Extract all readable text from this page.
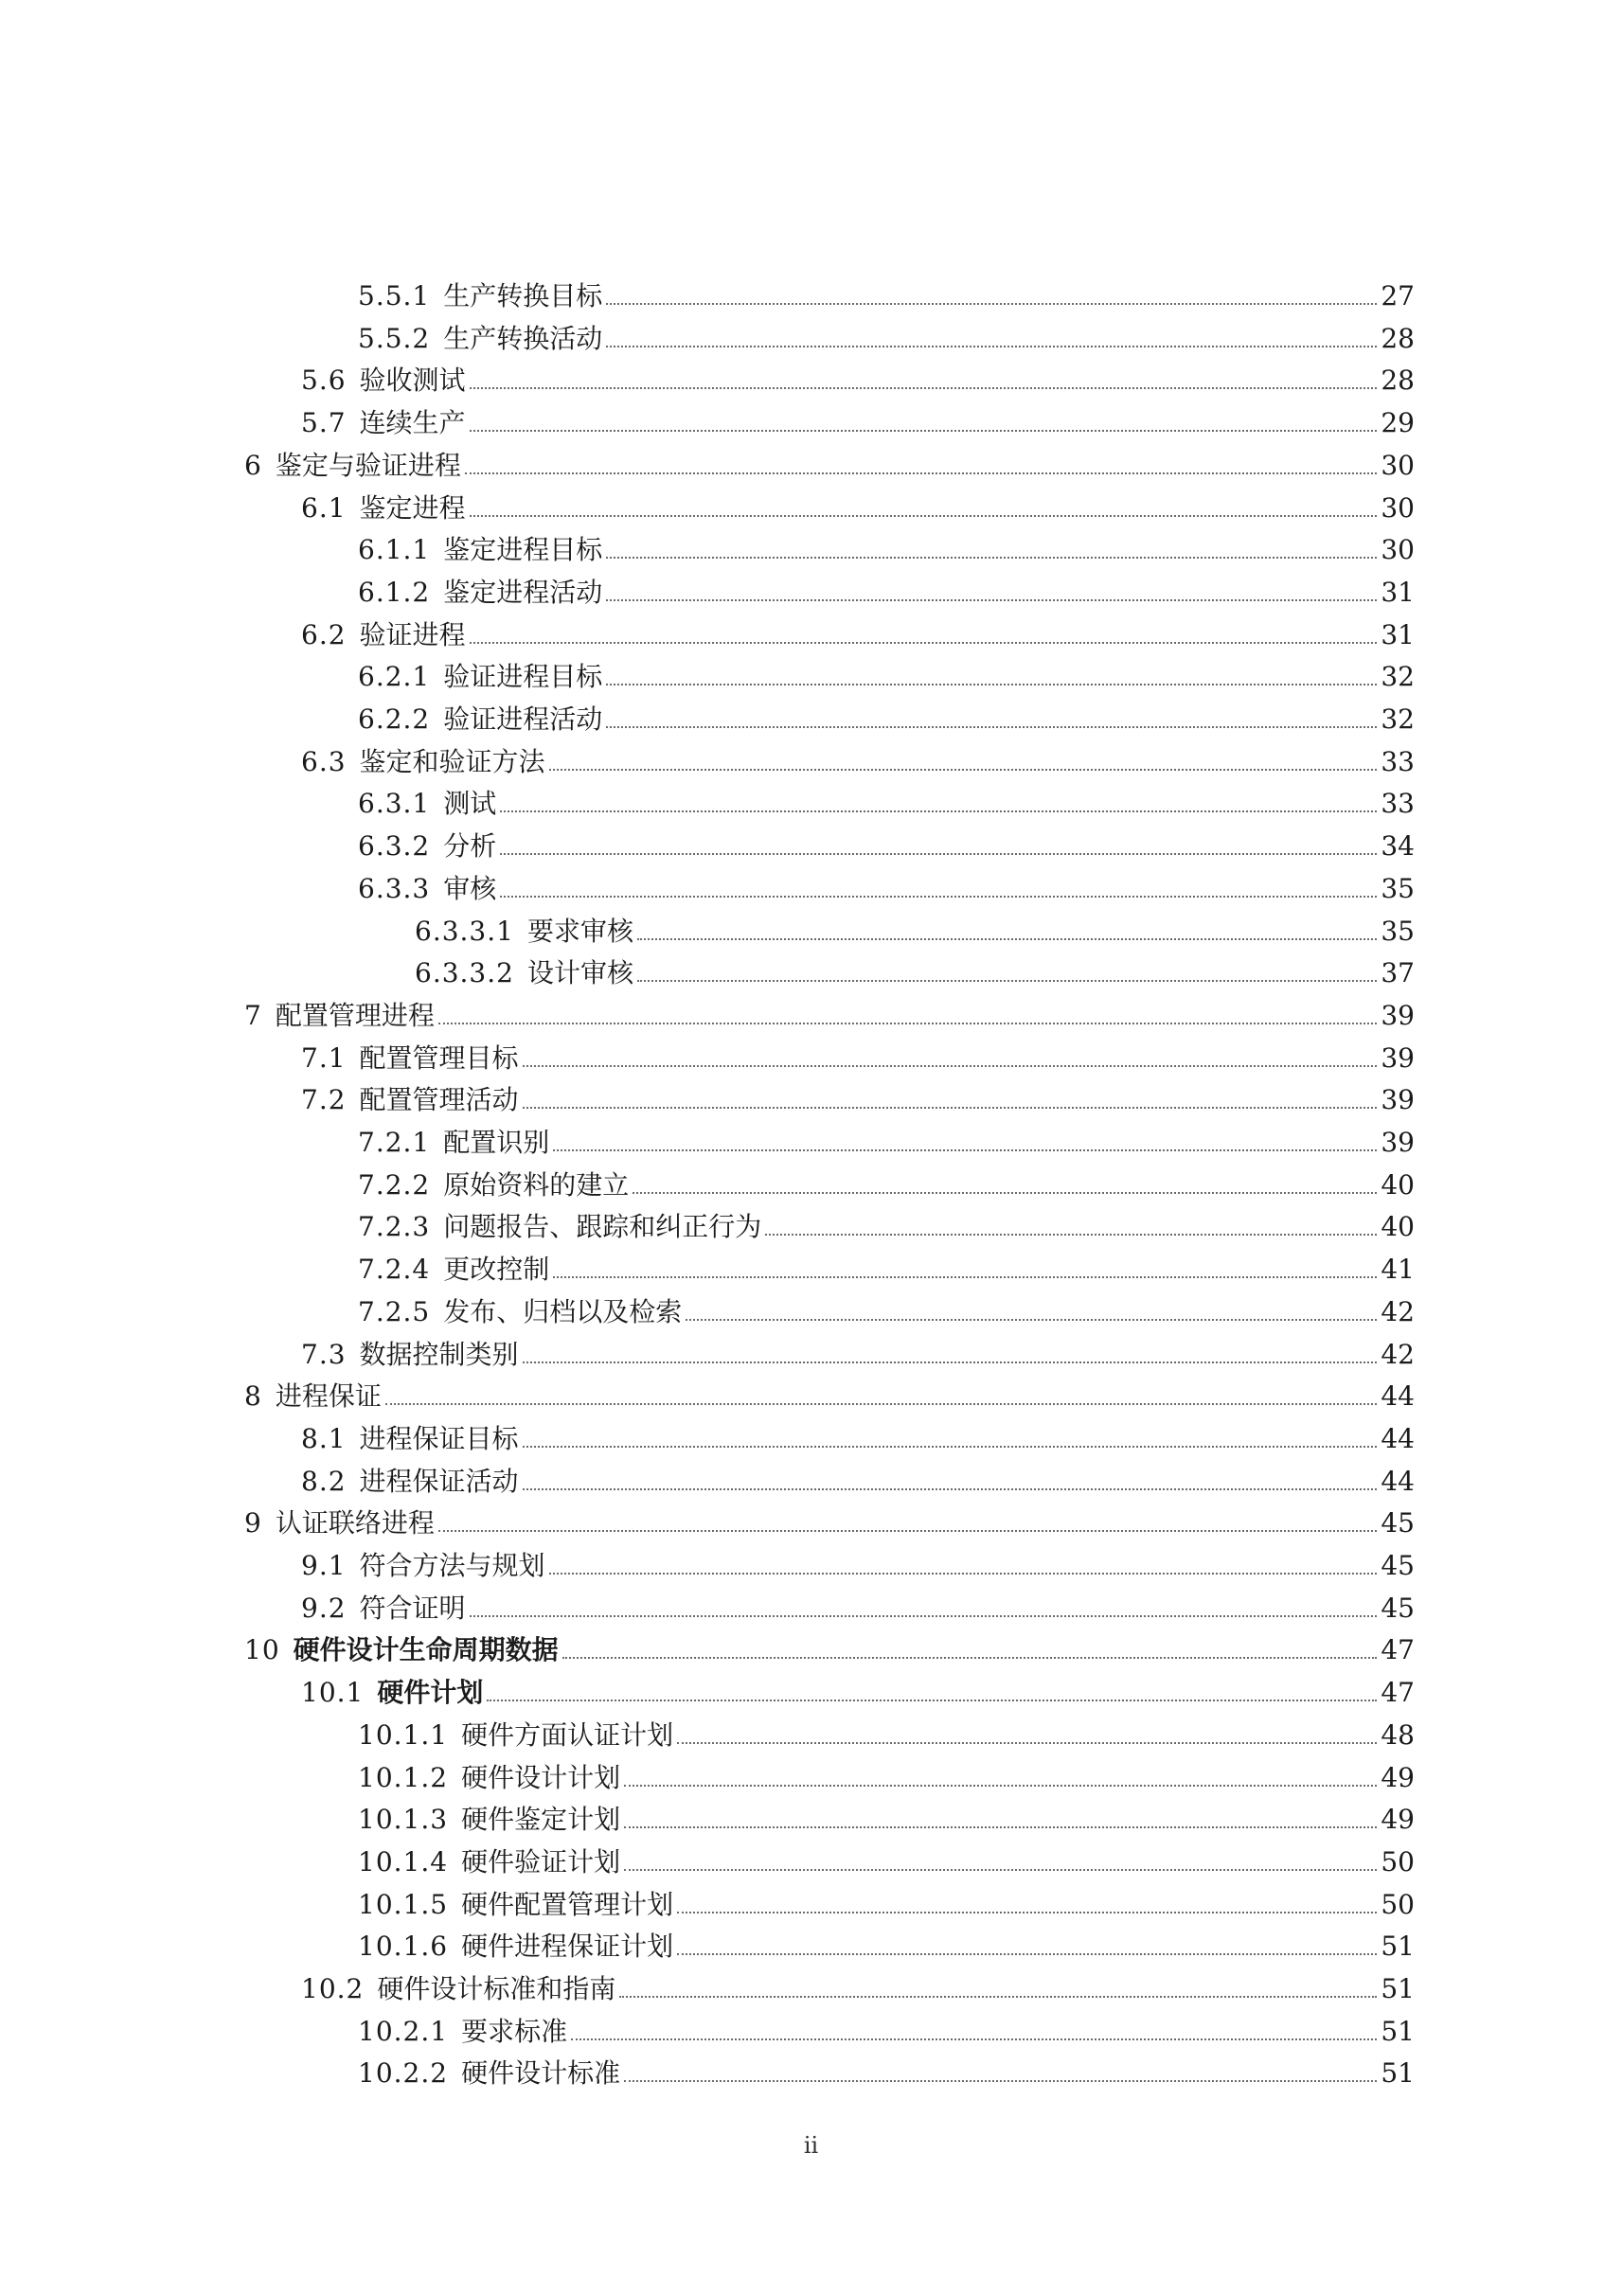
5.5.1 生产转换目标	27
5.5.2 生产转换活动	28
5.6 验收测试	28
5.7 连续生产	29
6 鉴定与验证进程	30
6.1 鉴定进程	30
6.1.1 鉴定进程目标	30
6.1.2 鉴定进程活动	31
6.2 验证进程	31
6.2.1 验证进程目标	32
6.2.2 验证进程活动	32
6.3 鉴定和验证方法	33
6.3.1 测试	33
6.3.2 分析	34
6.3.3 审核	35
6.3.3.1 要求审核	35
6.3.3.2 设计审核	37
7 配置管理进程	39
7.1 配置管理目标	39
7.2 配置管理活动	39
7.2.1 配置识别	39
7.2.2 原始资料的建立	40
7.2.3 问题报告、跟踪和纠正行为	40
7.2.4 更改控制	41
7.2.5 发布、归档以及检索	42
7.3 数据控制类别	42
8 进程保证	44
8.1 进程保证目标	44
8.2 进程保证活动	44
9 认证联络进程	45
9.1 符合方法与规划	45
9.2 符合证明	45
10 硬件设计生命周期数据	47
10.1 硬件计划	47
10.1.1 硬件方面认证计划	48
10.1.2 硬件设计计划	49
10.1.3 硬件鉴定计划	49
10.1.4 硬件验证计划	50
10.1.5 硬件配置管理计划	50
10.1.6 硬件进程保证计划	51
10.2 硬件设计标准和指南	51
10.2.1 要求标准	51
10.2.2 硬件设计标准	51
ii
